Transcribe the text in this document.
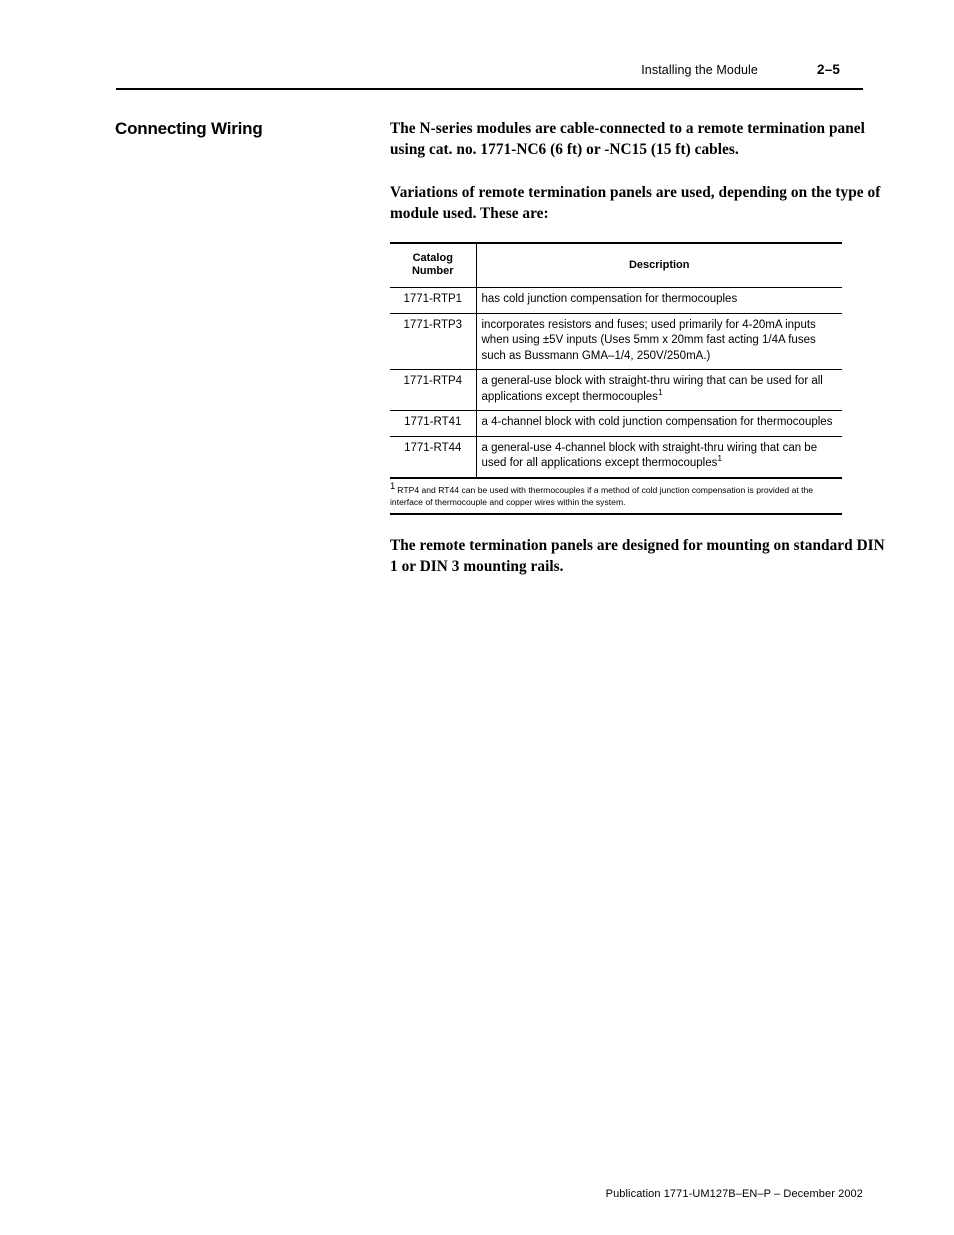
Installing the Module	2–5
Connecting Wiring	The N-series modules are cable-connected to a remote termination panel using cat. no. 1771-NC6 (6 ft) or -NC15 (15 ft) cables.

Variations of remote termination panels are used, depending on the type of module used. These are:

Catalog
Number	Description
1771-RTP1	has cold junction compensation for thermocouples
1771-RTP3	incorporates resistors and fuses; used primarily for 4-20mA inputs when using ±5V inputs (Uses 5mm x 20mm fast acting 1/4A fuses such as Bussmann GMA–1/4, 250V/250mA.)
1771-RTP4	a general-use block with straight-thru wiring that can be used for all applications except thermocouples$^1$
1771-RT41	a 4-channel block with cold junction compensation for thermocouples
1771-RT44	a general-use 4-channel block with straight-thru wiring that can be used for all applications except thermocouples$^1$
1 RTP4 and RT44 can be used with thermocouples if a method of cold junction compensation is provided at the interface of thermocouple and copper wires within the system.

The remote termination panels are designed for mounting on standard DIN 1 or DIN 3 mounting rails.

Publication 1771-UM127B–EN–P – December 2002
